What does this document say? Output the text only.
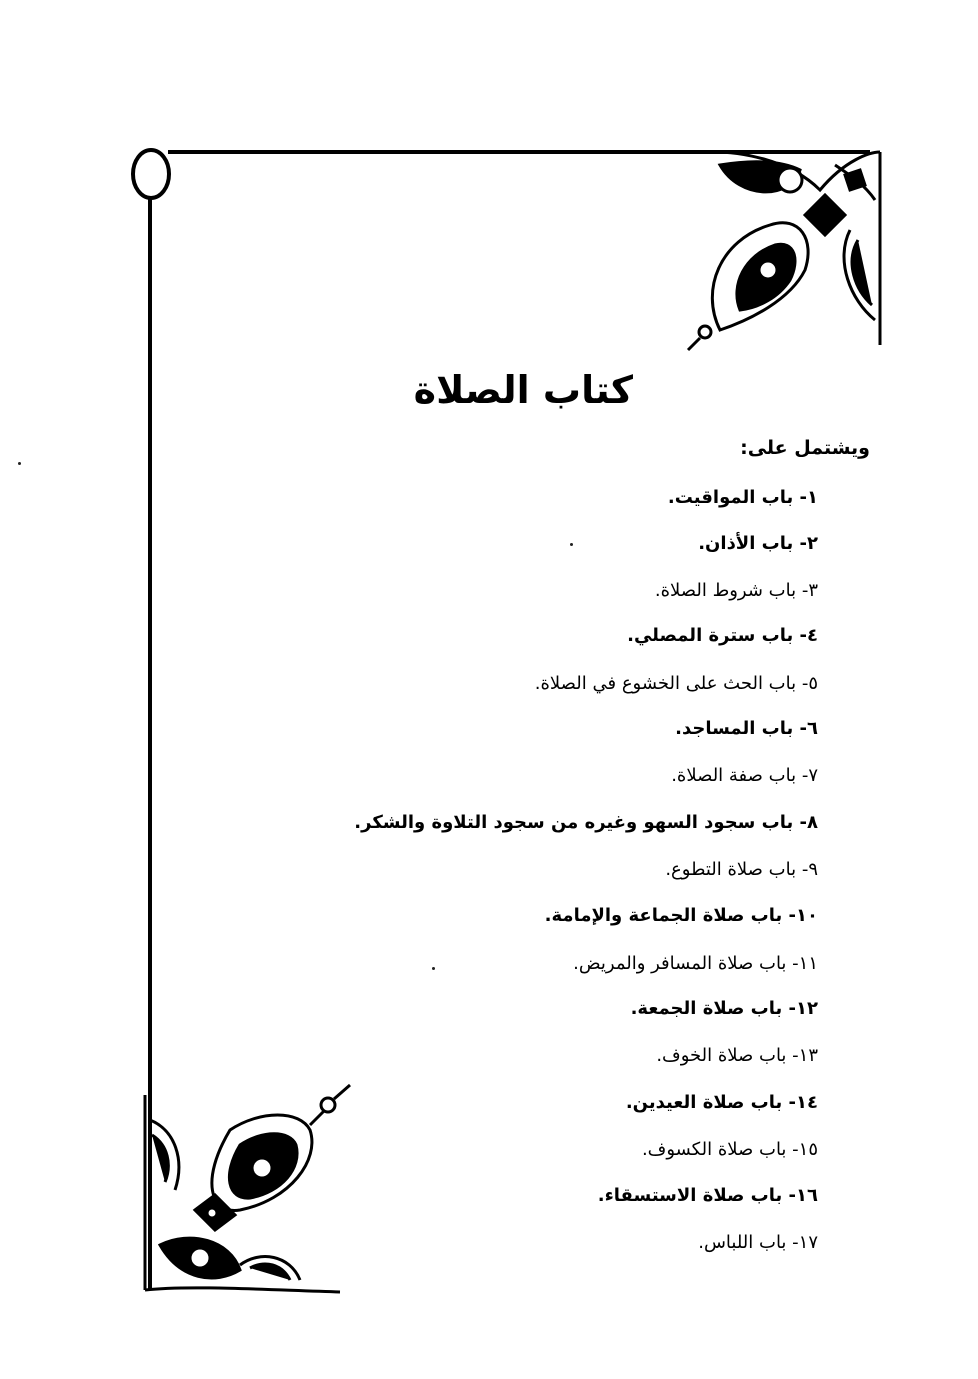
كتاب الصلاة
ويشتمل على:
١- باب المواقيت.
٢- باب الأذان.
٣- باب شروط الصلاة.
٤- باب سترة المصلي.
٥- باب الحث على الخشوع في الصلاة.
٦- باب المساجد.
٧- باب صفة الصلاة.
٨- باب سجود السهو وغيره من سجود التلاوة والشكر.
٩- باب صلاة التطوع.
١٠- باب صلاة الجماعة والإمامة.
١١- باب صلاة المسافر والمريض.
١٢- باب صلاة الجمعة.
١٣- باب صلاة الخوف.
١٤- باب صلاة العيدين.
١٥- باب صلاة الكسوف.
١٦- باب صلاة الاستسقاء.
١٧- باب اللباس.
